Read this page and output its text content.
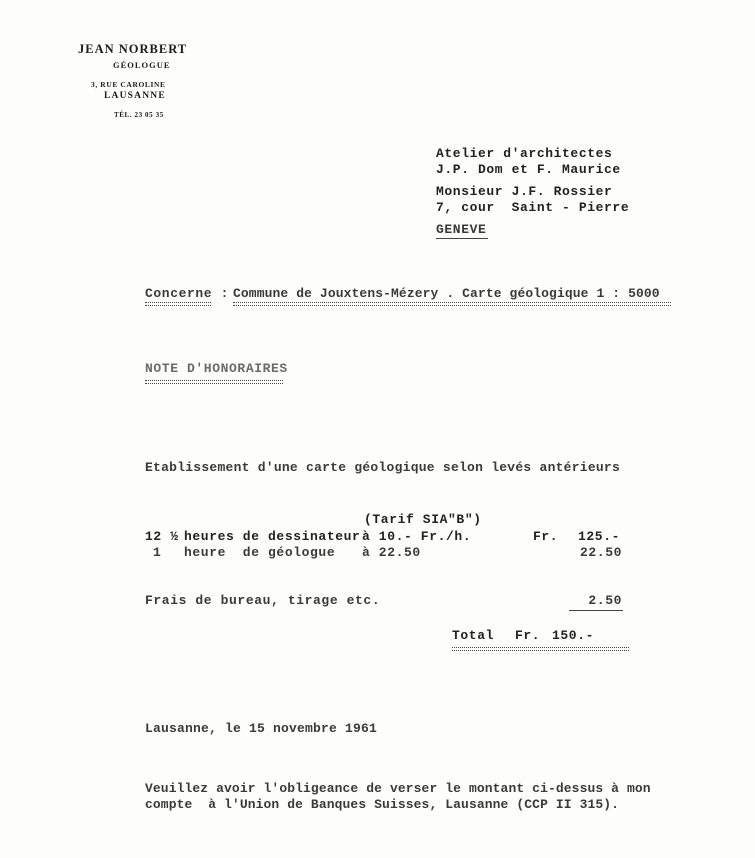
JEAN NORBERT
GÉOLOGUE
3, RUE CAROLINE
LAUSANNE
TÉL. 23 05 35
Atelier d'architectes
J.P. Dom et F. Maurice
Monsieur J.F. Rossier
7, cour  Saint - Pierre
GENEVE
Concerne : Commune de Jouxtens-Mézery . Carte géologique 1 : 5000
NOTE D'HONORAIRES
Etablissement d'une carte géologique selon levés antérieurs
(Tarif SIA"B")
12 ½ heures de dessinateur à 10.- Fr./h.	Fr.	125.-
1 heure  de géologue à 22.50	22.50
Frais de bureau, tirage etc.	2.50
Total Fr. 150.-
Lausanne, le 15 novembre 1961
Veuillez avoir l'obligeance de verser le montant ci-dessus à mon
compte  à l'Union de Banques Suisses, Lausanne (CCP II 315).
